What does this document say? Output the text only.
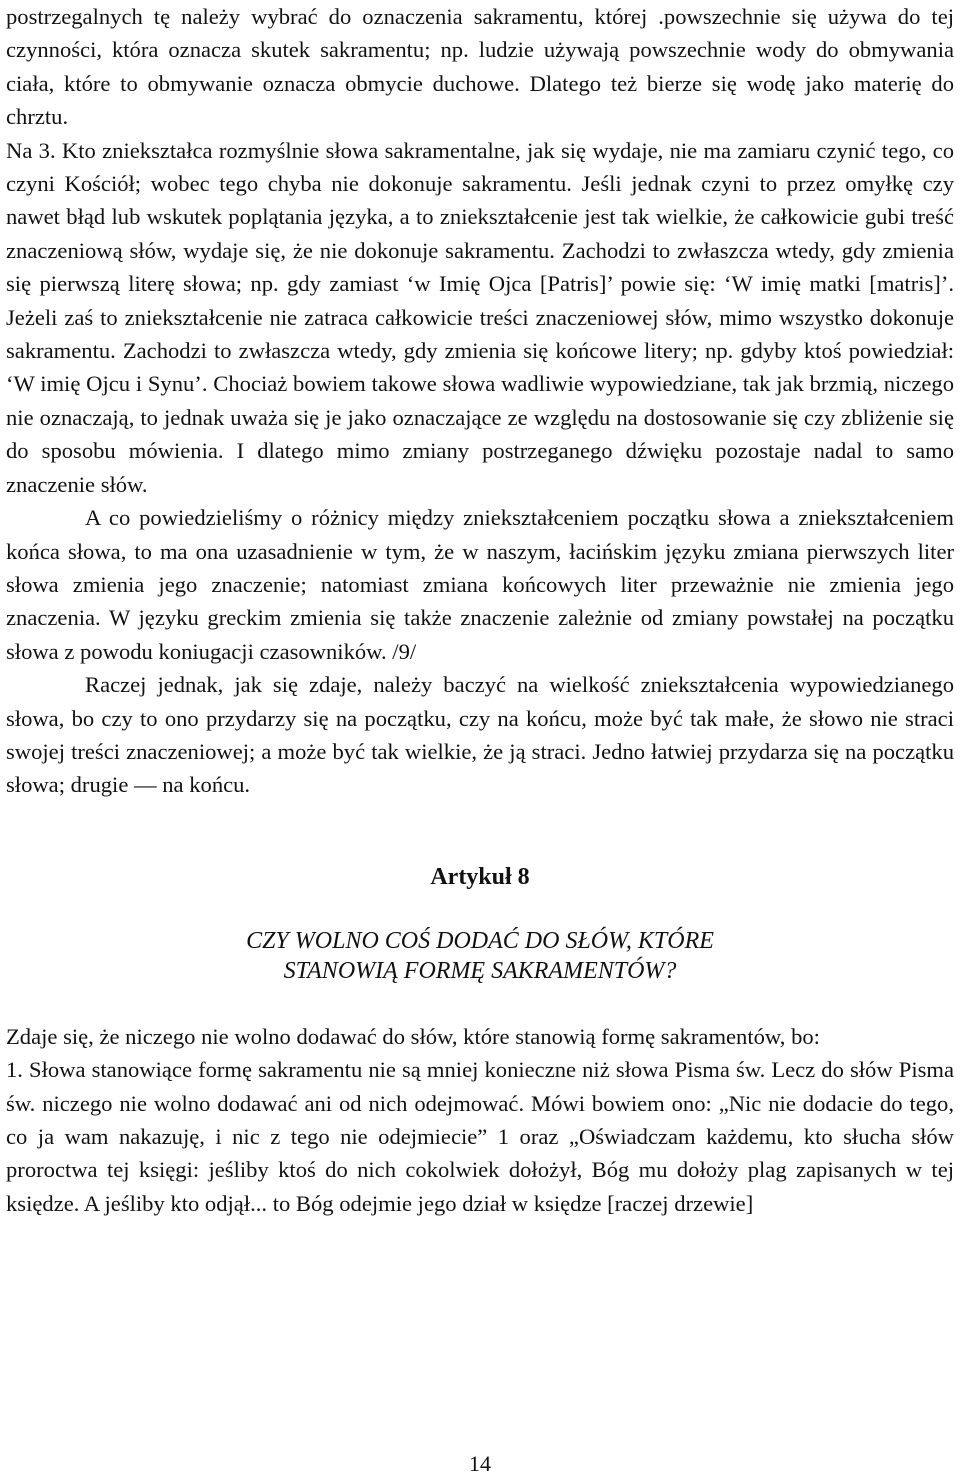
postrzegalnych tę należy wybrać do oznaczenia sakramentu, której .powszechnie się używa do tej czynności, która oznacza skutek sakramentu; np. ludzie używają powszechnie wody do obmywania ciała, które to obmywanie oznacza obmycie duchowe. Dlatego też bierze się wodę jako materię do chrztu.

Na 3. Kto zniekształca rozmyślnie słowa sakramentalne, jak się wydaje, nie ma zamiaru czynić tego, co czyni Kościół; wobec tego chyba nie dokonuje sakramentu. Jeśli jednak czyni to przez omyłkę czy nawet błąd lub wskutek poplątania języka, a to zniekształcenie jest tak wielkie, że całkowicie gubi treść znaczeniową słów, wydaje się, że nie dokonuje sakramentu. Zachodzi to zwłaszcza wtedy, gdy zmienia się pierwszą literę słowa; np. gdy zamiast ‘w Imię Ojca [Patris]’ powie się: ‘W imię matki [matris]’. Jeżeli zaś to zniekształcenie nie zatraca całkowicie treści znaczeniowej słów, mimo wszystko dokonuje sakramentu. Zachodzi to zwłaszcza wtedy, gdy zmienia się końcowe litery; np. gdyby ktoś powiedział: ‘W imię Ojcu i Synu’. Chociaż bowiem takowe słowa wadliwie wypowiedziane, tak jak brzmią, niczego nie oznaczają, to jednak uważa się je jako oznaczające ze względu na dostosowanie się czy zbliżenie się do sposobu mówienia. I dlatego mimo zmiany postrzeganego dźwięku pozostaje nadal to samo znaczenie słów.

A co powiedzieliśmy o różnicy między zniekształceniem początku słowa a zniekształceniem końca słowa, to ma ona uzasadnienie w tym, że w naszym, łacińskim języku zmiana pierwszych liter słowa zmienia jego znaczenie; natomiast zmiana końcowych liter przeważnie nie zmienia jego znaczenia. W języku greckim zmienia się także znaczenie zależnie od zmiany powstałej na początku słowa z powodu koniugacji czasowników. /9/

Raczej jednak, jak się zdaje, należy baczyć na wielkość zniekształcenia wypowiedzianego słowa, bo czy to ono przydarzy się na początku, czy na końcu, może być tak małe, że słowo nie straci swojej treści znaczeniowej; a może być tak wielkie, że ją straci. Jedno łatwiej przydarza się na początku słowa; drugie — na końcu.

Artykuł 8
CZY WOLNO COŚ DODAĆ DO SŁÓW, KTÓRE
STANOWIĄ FORMĘ SAKRAMENTÓW?

Zdaje się, że niczego nie wolno dodawać do słów, które stanowią formę sakramentów, bo:

1. Słowa stanowiące formę sakramentu nie są mniej konieczne niż słowa Pisma św. Lecz do słów Pisma św. niczego nie wolno dodawać ani od nich odejmować. Mówi bowiem ono: „Nic nie dodacie do tego, co ja wam nakazuję, i nic z tego nie odejmiecie” 1 oraz „Oświadczam każdemu, kto słucha słów proroctwa tej księgi: jeśliby ktoś do nich cokolwiek dołożył, Bóg mu dołoży plag zapisanych w tej księdze. A jeśliby kto odjął... to Bóg odejmie jego dział w księdze [raczej drzewie]

14
